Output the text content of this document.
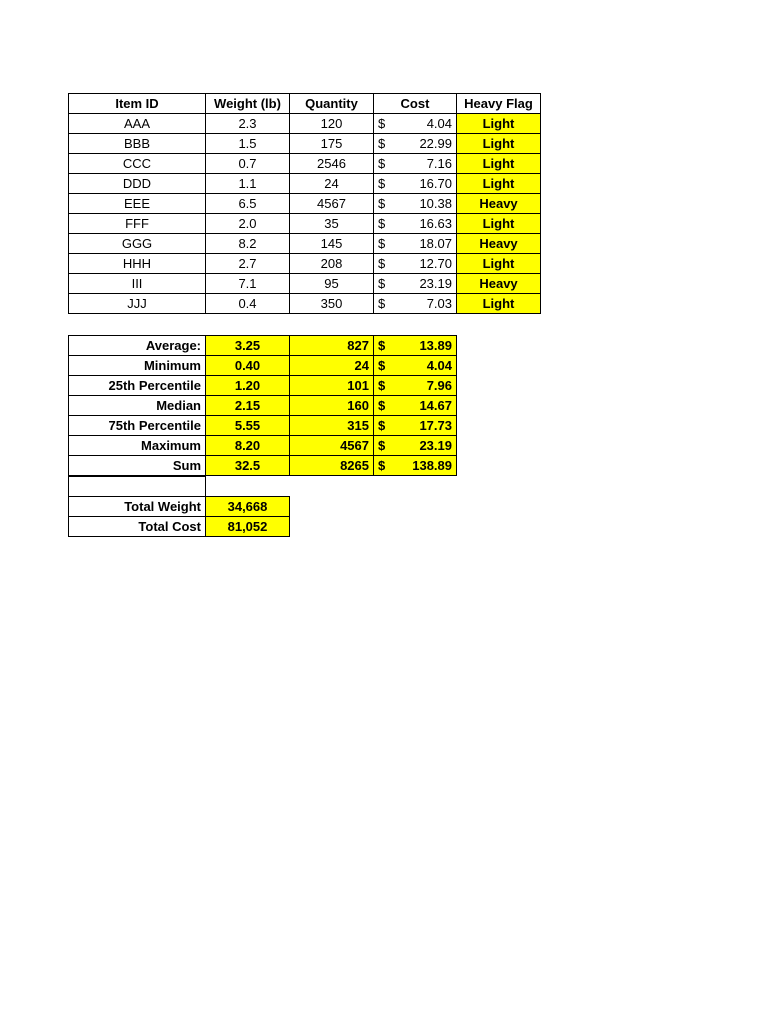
Item ID	Weight (lb)	Quantity	Cost		Heavy Flag
AAA	2.3	120	$	4.04	Light
BBB	1.5	175	$	22.99	Light
CCC	0.7	2546	$	7.16	Light
DDD	1.1	24	$	16.70	Light
EEE	6.5	4567	$	10.38	Heavy
FFF	2.0	35	$	16.63	Light
GGG	8.2	145	$	18.07	Heavy
HHH	2.7	208	$	12.70	Light
III	7.1	95	$	23.19	Heavy
JJJ	0.4	350	$	7.03	Light
Average:	3.25	827	$	13.89
Minimum	0.40	24	$	4.04
25th Percentile	1.20	101	$	7.96
Median	2.15	160	$	14.67
75th Percentile	5.55	315	$	17.73
Maximum	8.20	4567	$	23.19
Sum	32.5	8265	$	138.89

Total Weight	34,668
Total Cost	81,052
